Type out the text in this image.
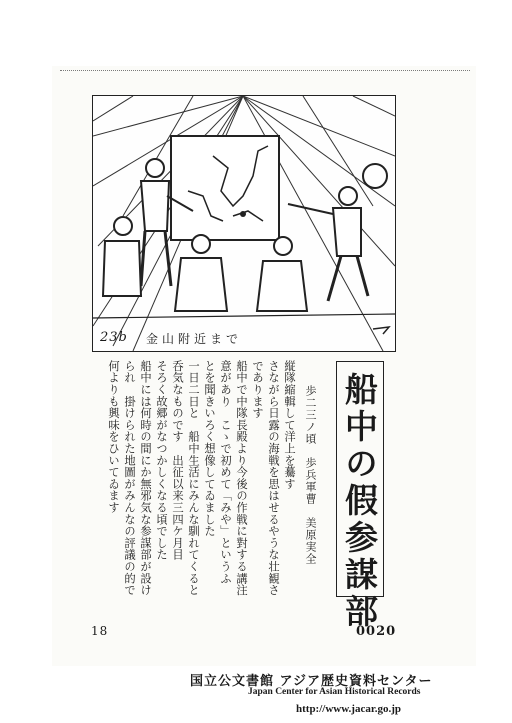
23b 金山附近まで
船中の假参謀部
歩二三ノ頃　歩兵軍曹　美原実全
縦隊縮輯して洋上を驀す
さながら日露の海戦を思はせるやうな壮観さ
であります
船中で中隊長殿より今後の作戦に對する講注
意があり　こゝで初めて「みや」というふ
とを聞きいろく想像してゐました
一日二日と　船中生活にみんな馴れてくると
呑気なものです　出征以来三四ケ月目
そろく故郷がなつかしくなる頃でした
船中には何時の間にか無邪気な参謀部が設け
られ　掛けられた地圖がみんなの評議の的で
何よりも興味をひいてゐます
18	0020
国立公文書館 アジア歴史資料センター
Japan Center for Asian Historical Records
http://www.jacar.go.jp
